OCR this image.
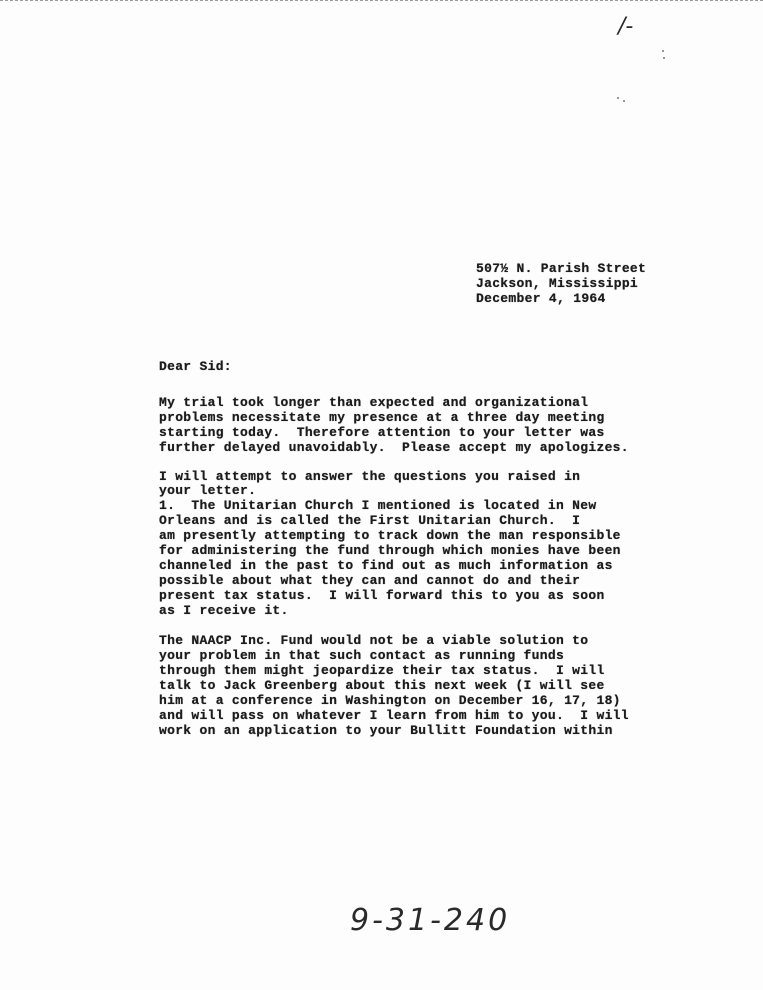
/-
507½ N. Parish Street
Jackson, Mississippi
December 4, 1964
Dear Sid:
My trial took longer than expected and organizational
problems necessitate my presence at a three day meeting
starting today.  Therefore attention to your letter was
further delayed unavoidably.  Please accept my apologizes.
I will attempt to answer the questions you raised in
your letter.
1.  The Unitarian Church I mentioned is located in New
Orleans and is called the First Unitarian Church.  I
am presently attempting to track down the man responsible
for administering the fund through which monies have been
channeled in the past to find out as much information as
possible about what they can and cannot do and their
present tax status.  I will forward this to you as soon
as I receive it.
The NAACP Inc. Fund would not be a viable solution to
your problem in that such contact as running funds
through them might jeopardize their tax status.  I will
talk to Jack Greenberg about this next week (I will see
him at a conference in Washington on December 16, 17, 18)
and will pass on whatever I learn from him to you.  I will
work on an application to your Bullitt Foundation within
9-31-240
